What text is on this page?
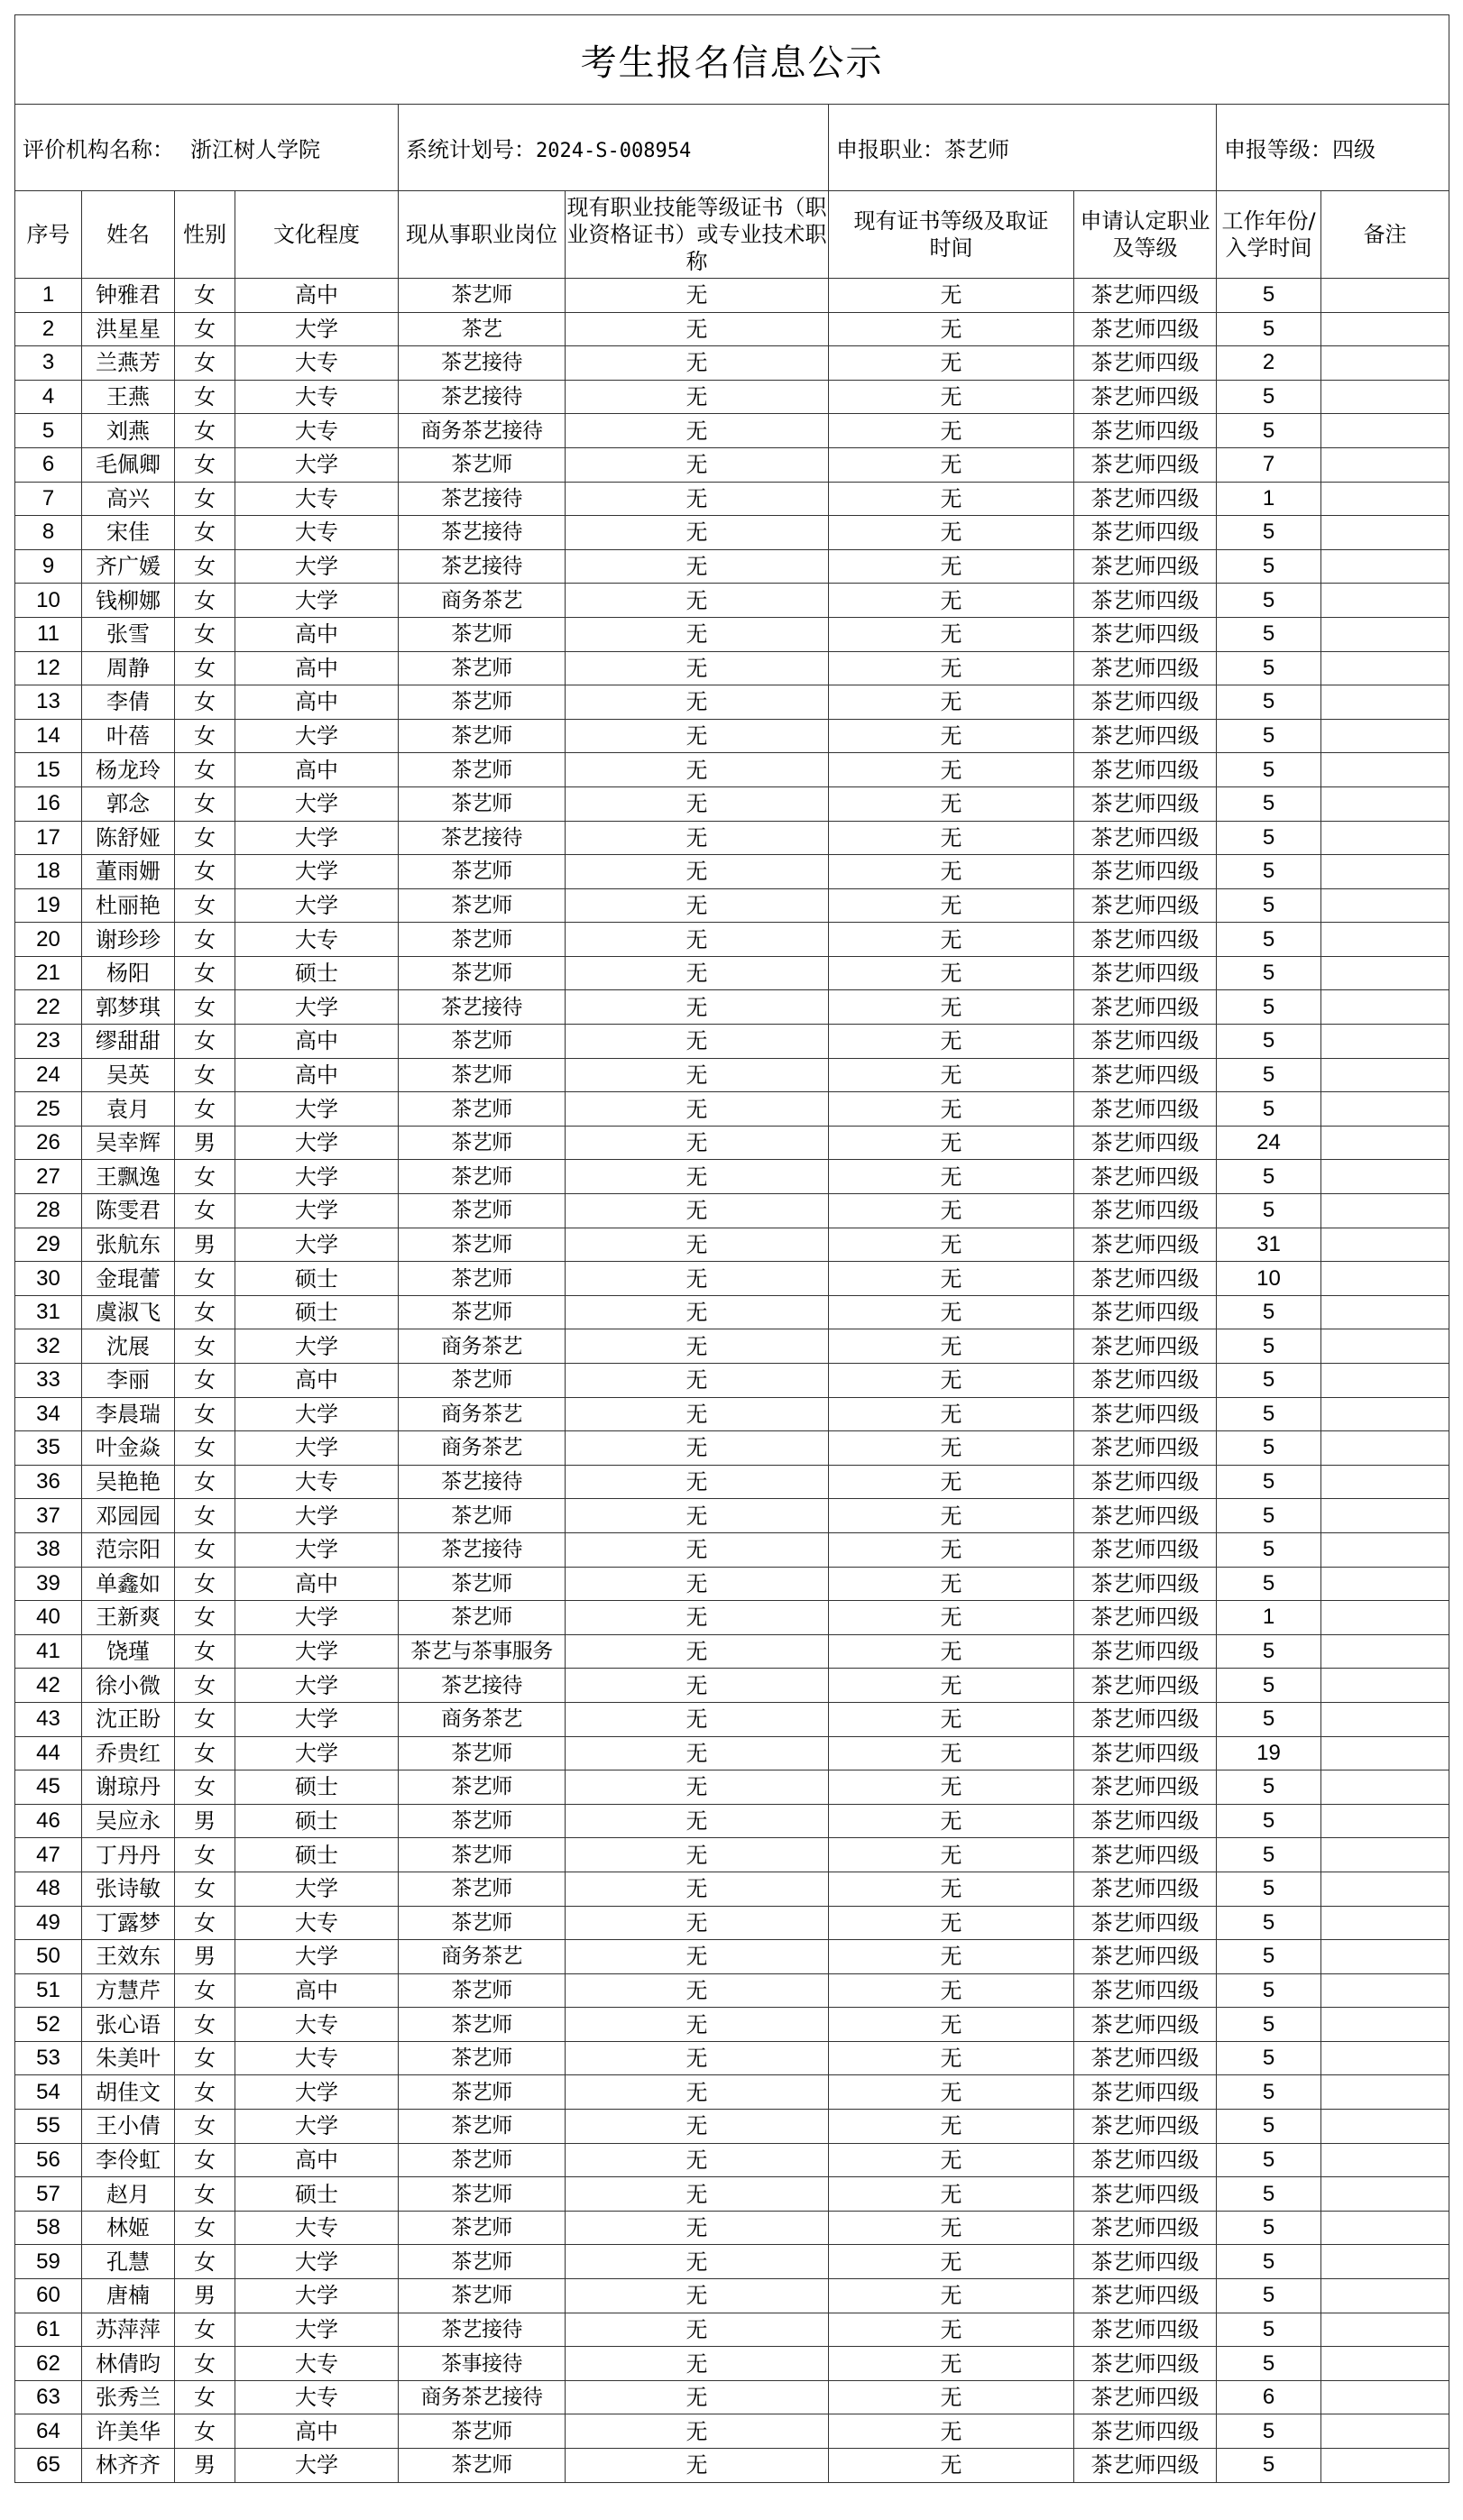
考生报名信息公示									
评价机构名称： 浙江树人学院				系统计划号：2024-S-008954		申报职业：茶艺师		申报等级：四级	
序号	姓名	性别	文化程度	现从事职业岗位	现有职业技能等级证书（职业资格证书）或专业技术职称	现有证书等级及取证时间	申请认定职业及等级	工作年份/入学时间	备注
1	钟雅君	女	高中	茶艺师	无	无	茶艺师四级	5	
2	洪星星	女	大学	茶艺	无	无	茶艺师四级	5	
3	兰燕芳	女	大专	茶艺接待	无	无	茶艺师四级	2	
4	王燕	女	大专	茶艺接待	无	无	茶艺师四级	5	
5	刘燕	女	大专	商务茶艺接待	无	无	茶艺师四级	5	
6	毛佩卿	女	大学	茶艺师	无	无	茶艺师四级	7	
7	高兴	女	大专	茶艺接待	无	无	茶艺师四级	1	
8	宋佳	女	大专	茶艺接待	无	无	茶艺师四级	5	
9	齐广媛	女	大学	茶艺接待	无	无	茶艺师四级	5	
10	钱柳娜	女	大学	商务茶艺	无	无	茶艺师四级	5	
11	张雪	女	高中	茶艺师	无	无	茶艺师四级	5	
12	周静	女	高中	茶艺师	无	无	茶艺师四级	5	
13	李倩	女	高中	茶艺师	无	无	茶艺师四级	5	
14	叶蓓	女	大学	茶艺师	无	无	茶艺师四级	5	
15	杨龙玲	女	高中	茶艺师	无	无	茶艺师四级	5	
16	郭念	女	大学	茶艺师	无	无	茶艺师四级	5	
17	陈舒娅	女	大学	茶艺接待	无	无	茶艺师四级	5	
18	董雨姗	女	大学	茶艺师	无	无	茶艺师四级	5	
19	杜丽艳	女	大学	茶艺师	无	无	茶艺师四级	5	
20	谢珍珍	女	大专	茶艺师	无	无	茶艺师四级	5	
21	杨阳	女	硕士	茶艺师	无	无	茶艺师四级	5	
22	郭梦琪	女	大学	茶艺接待	无	无	茶艺师四级	5	
23	缪甜甜	女	高中	茶艺师	无	无	茶艺师四级	5	
24	吴英	女	高中	茶艺师	无	无	茶艺师四级	5	
25	袁月	女	大学	茶艺师	无	无	茶艺师四级	5	
26	吴幸辉	男	大学	茶艺师	无	无	茶艺师四级	24	
27	王飘逸	女	大学	茶艺师	无	无	茶艺师四级	5	
28	陈雯君	女	大学	茶艺师	无	无	茶艺师四级	5	
29	张航东	男	大学	茶艺师	无	无	茶艺师四级	31	
30	金琨蕾	女	硕士	茶艺师	无	无	茶艺师四级	10	
31	虞淑飞	女	硕士	茶艺师	无	无	茶艺师四级	5	
32	沈展	女	大学	商务茶艺	无	无	茶艺师四级	5	
33	李丽	女	高中	茶艺师	无	无	茶艺师四级	5	
34	李晨瑞	女	大学	商务茶艺	无	无	茶艺师四级	5	
35	叶金焱	女	大学	商务茶艺	无	无	茶艺师四级	5	
36	吴艳艳	女	大专	茶艺接待	无	无	茶艺师四级	5	
37	邓园园	女	大学	茶艺师	无	无	茶艺师四级	5	
38	范宗阳	女	大学	茶艺接待	无	无	茶艺师四级	5	
39	单鑫如	女	高中	茶艺师	无	无	茶艺师四级	5	
40	王新爽	女	大学	茶艺师	无	无	茶艺师四级	1	
41	饶瑾	女	大学	茶艺与茶事服务	无	无	茶艺师四级	5	
42	徐小微	女	大学	茶艺接待	无	无	茶艺师四级	5	
43	沈正盼	女	大学	商务茶艺	无	无	茶艺师四级	5	
44	乔贵红	女	大学	茶艺师	无	无	茶艺师四级	19	
45	谢琼丹	女	硕士	茶艺师	无	无	茶艺师四级	5	
46	吴应永	男	硕士	茶艺师	无	无	茶艺师四级	5	
47	丁丹丹	女	硕士	茶艺师	无	无	茶艺师四级	5	
48	张诗敏	女	大学	茶艺师	无	无	茶艺师四级	5	
49	丁露梦	女	大专	茶艺师	无	无	茶艺师四级	5	
50	王效东	男	大学	商务茶艺	无	无	茶艺师四级	5	
51	方慧芹	女	高中	茶艺师	无	无	茶艺师四级	5	
52	张心语	女	大专	茶艺师	无	无	茶艺师四级	5	
53	朱美叶	女	大专	茶艺师	无	无	茶艺师四级	5	
54	胡佳文	女	大学	茶艺师	无	无	茶艺师四级	5	
55	王小倩	女	大学	茶艺师	无	无	茶艺师四级	5	
56	李伶虹	女	高中	茶艺师	无	无	茶艺师四级	5	
57	赵月	女	硕士	茶艺师	无	无	茶艺师四级	5	
58	林姬	女	大专	茶艺师	无	无	茶艺师四级	5	
59	孔慧	女	大学	茶艺师	无	无	茶艺师四级	5	
60	唐楠	男	大学	茶艺师	无	无	茶艺师四级	5	
61	苏萍萍	女	大学	茶艺接待	无	无	茶艺师四级	5	
62	林倩昀	女	大专	茶事接待	无	无	茶艺师四级	5	
63	张秀兰	女	大专	商务茶艺接待	无	无	茶艺师四级	6	
64	许美华	女	高中	茶艺师	无	无	茶艺师四级	5	
65	林齐齐	男	大学	茶艺师	无	无	茶艺师四级	5	
